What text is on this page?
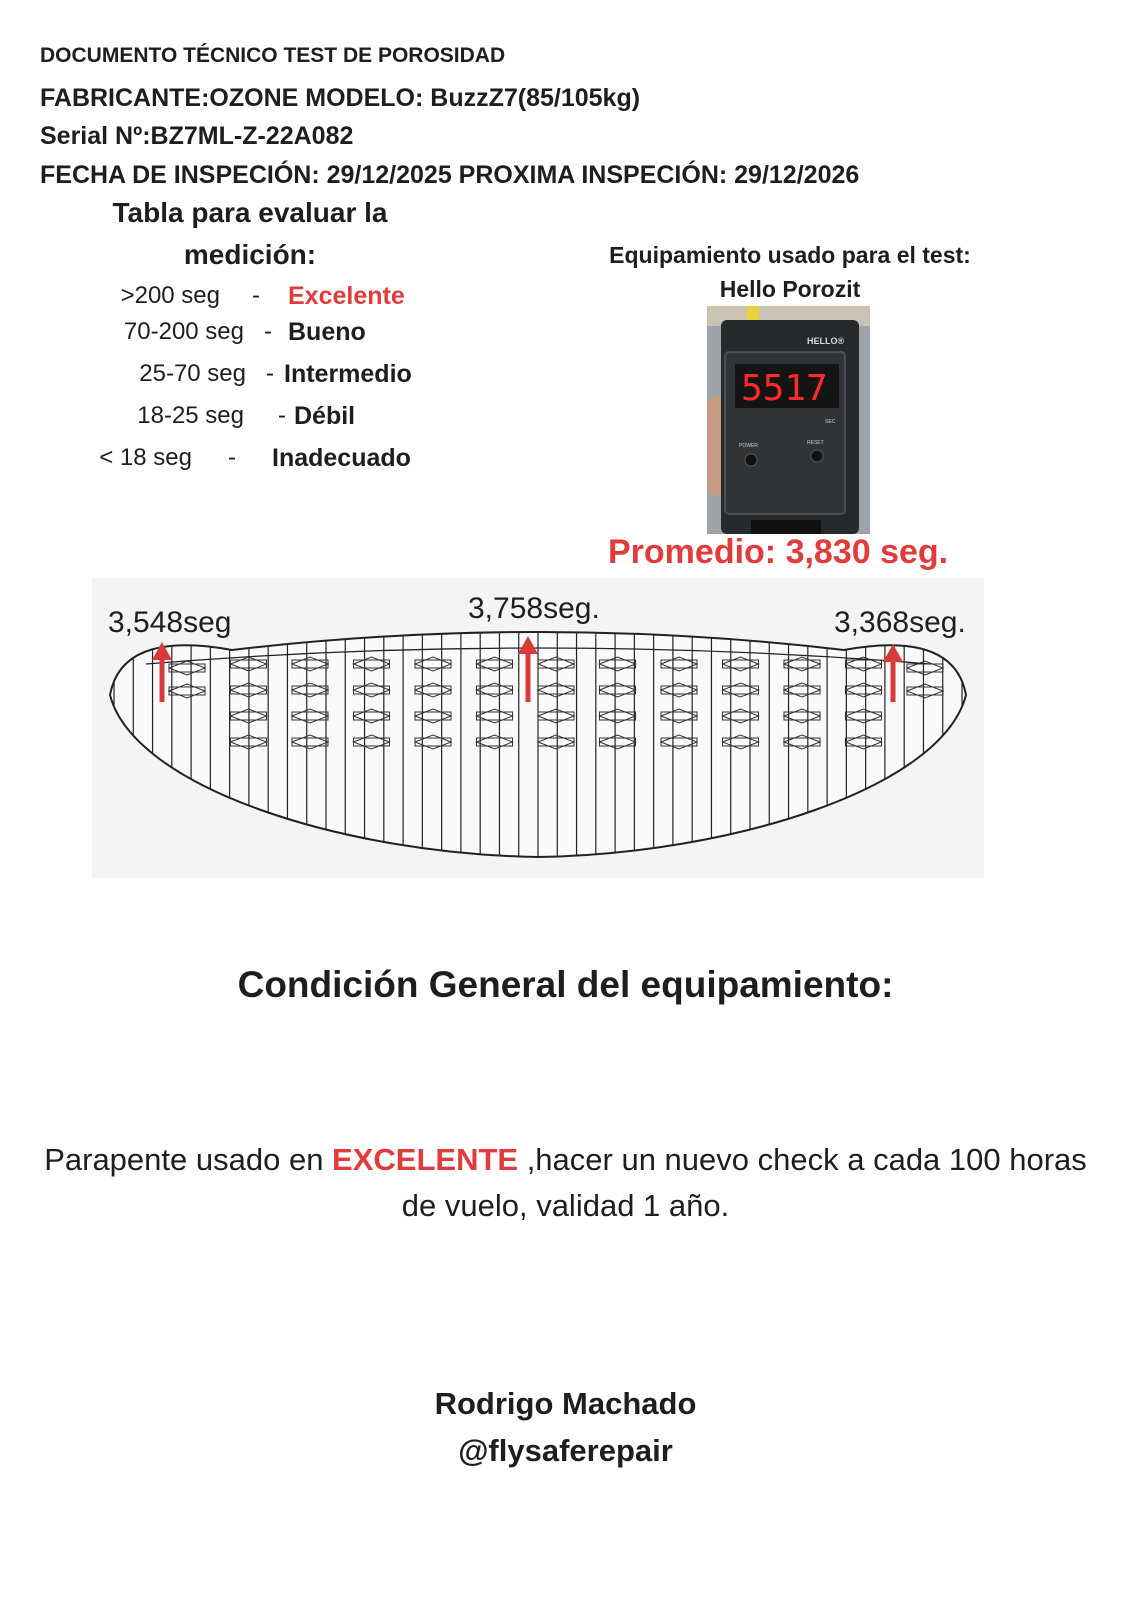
DOCUMENTO TÉCNICO TEST DE POROSIDAD
FABRICANTE:OZONE MODELO: BuzzZ7(85/105kg)
Serial Nº:BZ7ML-Z-22A082
FECHA DE INSPECIÓN: 29/12/2025 PROXIMA INSPECIÓN: 29/12/2026
Tabla para evaluar la medición:
>200 seg - Excelente
70-200 seg - Bueno
25-70 seg - Intermedio
18-25 seg - Débil
< 18 seg - Inadecuado
Equipamiento usado para el test:
Hello Porozit
HELLO®
5517
SEC
POWER	RESET
Promedio: 3,830 seg.
3,548seg	3,758seg.	3,368seg.
Condición General del equipamiento:
Parapente usado en EXCELENTE ,hacer un nuevo check a cada 100 horas de vuelo, validad 1 año.
Rodrigo Machado
@flysaferepair
